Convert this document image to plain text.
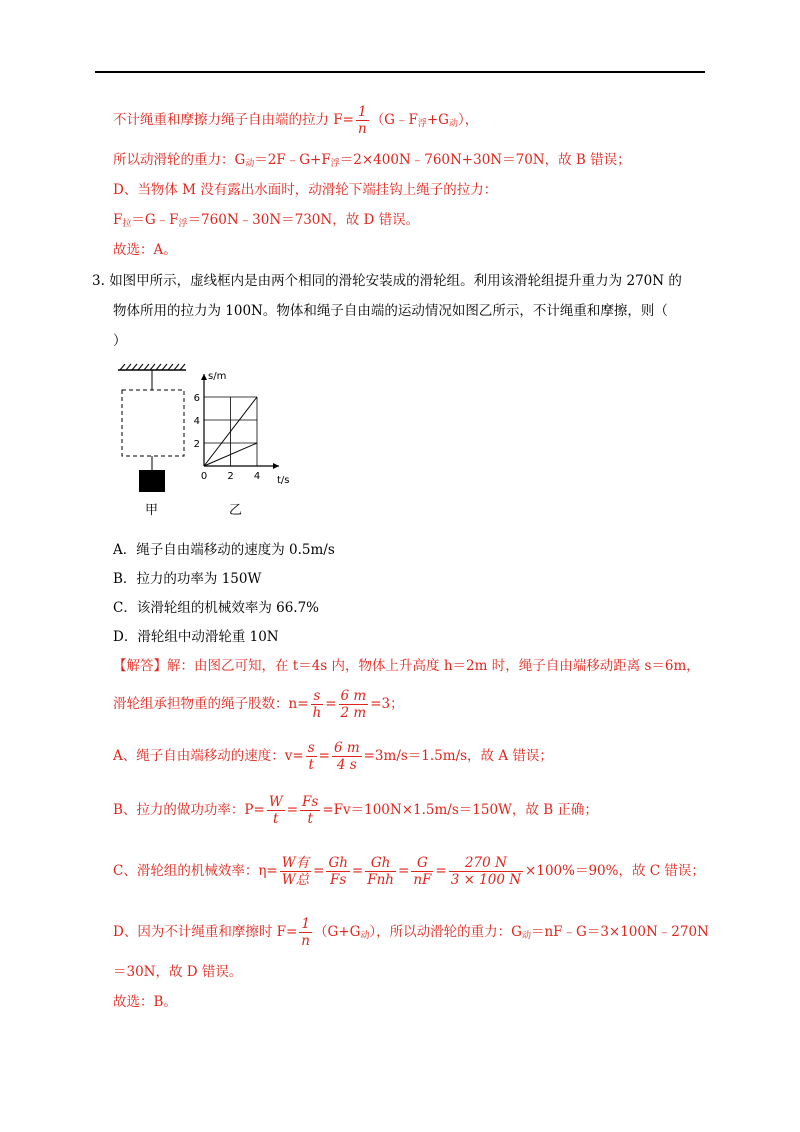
不计绳重和摩擦力绳子自由端的拉力 $F= \frac{1}{n}$ $(G﹣F_浮+G_动)$，
所以动滑轮的重力：$G_动=2F﹣G+F_浮=2\times 400N﹣760N+30N=70N$，故 B 错误；
D、当物体 M 没有露出水面时，动滑轮下端挂钩上绳子的拉力：
$F_拉=G﹣F_浮=760N﹣30N=730N$，故 D 错误。
故选：A。
3. 如图甲所示，虚线框内是由两个相同的滑轮安装成的滑轮组。利用该滑轮组提升重力为 270N 的
物体所用的拉力为 100N。物体和绳子自由端的运动情况如图乙所示，不计绳重和摩擦，则（
）
甲
0 2 4
2
4
6
t/s
s/m
乙
A．绳子自由端移动的速度为 0.5m/s
B．拉力的功率为 150W
C．该滑轮组的机械效率为 66.7%
D．滑轮组中动滑轮重 10N
【解答】解：由图乙可知，在 t＝4s 内，物体上升高度 h＝2m 时，绳子自由端移动距离 s＝6m，
滑轮组承担物重的绳子股数：$n= \frac{s}{h} = \frac{6 m}{2 m} =3$；
A、绳子自由端移动的速度：$v= \frac{s}{t} = \frac{6 m}{4 s} =3m/s=1.5m/s$，故 A 错误；
B、拉力的做功功率：$P= \frac{W}{t} = \frac{Fs}{t} =Fv=100N\times 1.5m/s=150W$，故 B 正确；
C、滑轮组的机械效率：$\eta= \frac{\text{W有}}{\text{W总}} = \frac{Gh}{Fs} = \frac{Gh}{\text{Fnh}} = \frac{G}{nF} = \frac{270 N}{3 \times 100 N} \times 100\%=90\%$，故 C 错误；
D、因为不计绳重和摩擦时 $F= \frac{1}{n} (G+G_动)$，所以动滑轮的重力：$G_动=nF﹣G=3\times 100N﹣270N$
＝30N，故 D 错误。
故选：B。
